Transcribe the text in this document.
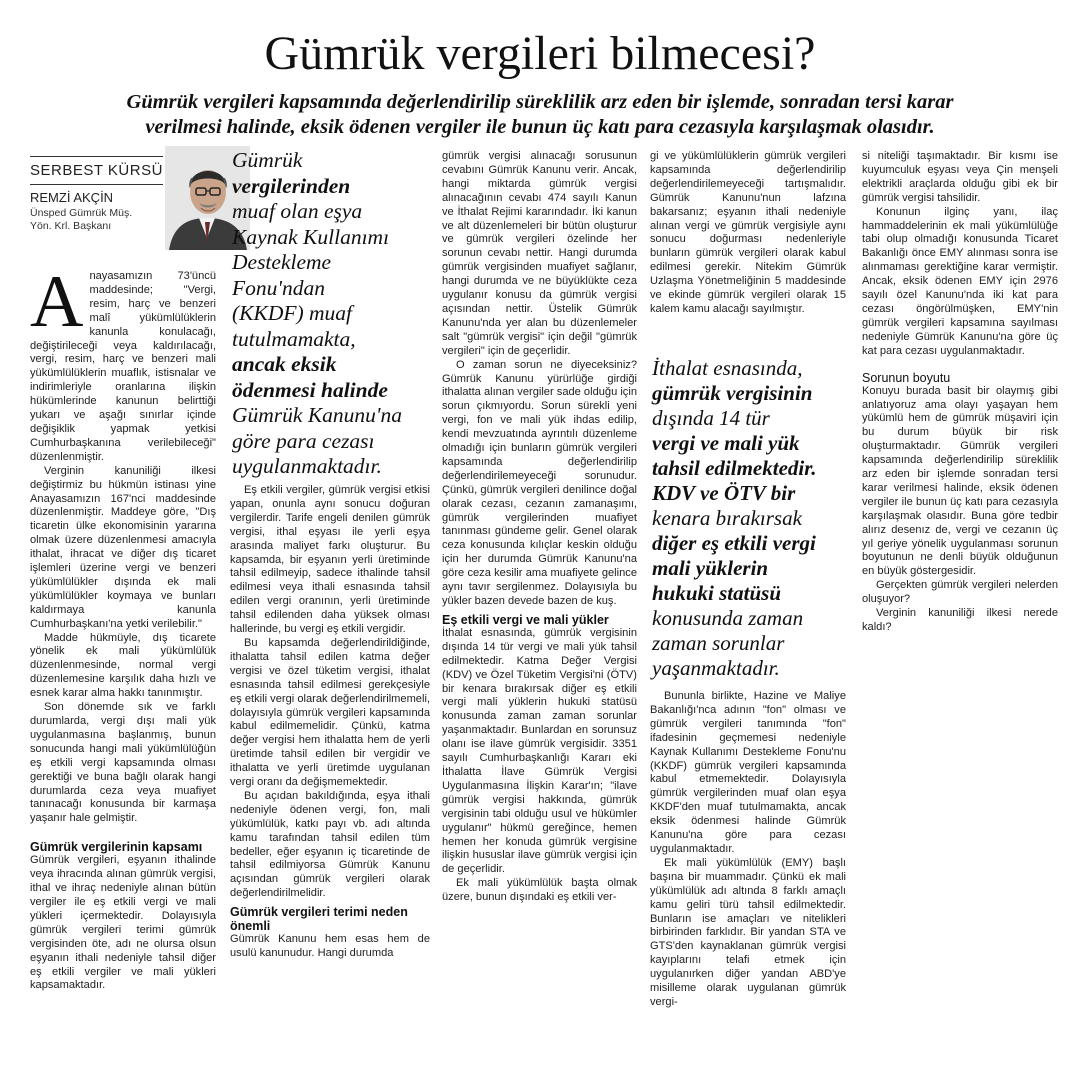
Gümrük vergileri bilmecesi?
Gümrük vergileri kapsamında değerlendirilip süreklilik arz eden bir işlemde, sonradan tersi karar
verilmesi halinde, eksik ödenen vergiler ile bunun üç katı para cezasıyla karşılaşmak olasıdır.
SERBEST KÜRSÜ
REMZİ AKÇİN
Ünsped Gümrük Müş.
Yön. Krl. Başkanı

Anayasamızın 73'üncü maddesinde; "Vergi, resim, harç ve benzeri malî yükümlülüklerin kanunla konulacağı, değiştirileceği veya kaldırılacağı, vergi, resim, harç ve benzeri mali yükümlülüklerin muaflık, istisnalar ve indirimleriyle oranlarına ilişkin hükümlerinde kanunun belirttiği yukarı ve aşağı sınırlar içinde değişiklik yapmak yetkisi Cumhurbaşkanına verilebileceği" düzenlenmiştir.

Verginin kanuniliği ilkesi değiştirmiz bu hükmün istinası yine Anayasamızın 167'nci maddesinde düzenlenmiştir. Maddeye göre, "Dış ticaretin ülke ekonomisinin yararına olmak üzere düzenlenmesi amacıyla ithalat, ihracat ve diğer dış ticaret işlemleri üzerine vergi ve benzeri yükümlülükler dışında ek mali yükümlülükler koymaya ve bunları kaldırmaya kanunla Cumhurbaşkanı'na yetki verilebilir."

Madde hükmüyle, dış ticarete yönelik ek mali yükümlülük düzenlenmesinde, normal vergi düzenlemesine karşılık daha hızlı ve esnek karar alma hakkı tanınmıştır.

Son dönemde sık ve farklı durumlarda, vergi dışı mali yük uygulanmasına başlanmış, bunun sonucunda hangi mali yükümlülüğün eş etkili vergi kapsamında olması gerektiği ve buna bağlı olarak hangi durumlarda ceza veya muafiyet tanınacağı konusunda bir karmaşa yaşanır hale gelmiştir.

Gümrük vergilerinin kapsamı

Gümrük vergileri, eşyanın ithalinde veya ihracında alınan gümrük vergisi, ithal ve ihraç nedeniyle alınan bütün vergiler ile eş etkili vergi ve mali yükleri içermektedir. Dolayısıyla gümrük vergileri terimi gümrük vergisinden öte, adı ne olursa olsun eşyanın ithali nedeniyle tahsil diğer eş etkili vergiler ve mali yükleri kapsamaktadır.

Gümrük
vergilerinden
muaf olan eşya
Kaynak Kullanımı
Destekleme
Fonu'ndan
(KKDF) muaf
tutulmamakta,
ancak eksik
ödenmesi halinde
Gümrük Kanunu'na
göre para cezası
uygulanmaktadır.

Eş etkili vergiler, gümrük vergisi etkisi yapan, onunla aynı sonucu doğuran vergilerdir. Tarife engeli denilen gümrük vergisi, ithal eşyası ile yerli eşya arasında maliyet farkı oluşturur. Bu kapsamda, bir eşyanın yerli üretiminde tahsil edilmeyip, sadece ithalinde tahsil edilmesi veya ithali esnasında tahsil edilen vergi oranının, yerli üretiminde tahsil edilenden daha yüksek olması hallerinde, bu vergi eş etkili vergidir.

Bu kapsamda değerlendirildiğinde, ithalatta tahsil edilen katma değer vergisi ve özel tüketim vergisi, ithalat esnasında tahsil edilmesi gerekçesiyle eş etkili vergi olarak değerlendirilmemeli, dolayısıyla gümrük vergileri kapsamında kabul edilmemelidir. Çünkü, katma değer vergisi hem ithalatta hem de yerli üretimde tahsil edilen bir vergidir ve ithalatta ve yerli üretimde uygulanan vergi oranı da değişmemektedir.

Bu açıdan bakıldığında, eşya ithali nedeniyle ödenen vergi, fon, mali yükümlülük, katkı payı vb. adı altında kamu tarafından tahsil edilen tüm bedeller, eğer eşyanın iç ticaretinde de tahsil edilmiyorsa Gümrük Kanunu açısından gümrük vergileri olarak değerlendirilmelidir.

Gümrük vergileri terimi neden önemli

Gümrük Kanunu hem esas hem de usulü kanunudur. Hangi durumda

gümrük vergisi alınacağı sorusunun cevabını Gümrük Kanunu verir. Ancak, hangi miktarda gümrük vergisi alınacağının cevabı 474 sayılı Kanun ve İthalat Rejimi kararındadır. İki kanun ve alt düzenlemeleri bir bütün oluşturur ve gümrük vergileri özelinde her sorunun cevabı nettir. Hangi durumda gümrük vergisinden muafiyet sağlanır, hangi durumda ve ne büyüklükte ceza uygulanır konusu da gümrük vergisi açısından nettir. Üstelik Gümrük Kanunu'nda yer alan bu düzenlemeler salt "gümrük vergisi" için değil "gümrük vergileri" için de geçerlidir.

O zaman sorun ne diyeceksiniz? Gümrük Kanunu yürürlüğe girdiği ithalatta alınan vergiler sade olduğu için sorun çıkmıyordu. Sorun sürekli yeni vergi, fon ve mali yük ihdas edilip, kendi mevzuatında ayrıntılı düzenleme olmadığı için bunların gümrük vergileri kapsamında değerlendirilip değerlendirilemeyeceği sorunudur. Çünkü, gümrük vergileri denilince doğal olarak cezası, cezanın zamanaşımı, gümrük vergilerinden muafiyet tanınması gündeme gelir. Genel olarak ceza konusunda kılıçlar keskin olduğu için her durumda Gümrük Kanunu'na göre ceza kesilir ama muafiyete gelince aynı tavır sergilenmez. Dolayısıyla bu yükler bazen devede bazen de kuş.

Eş etkili vergi ve mali yükler

İthalat esnasında, gümrük vergisinin dışında 14 tür vergi ve mali yük tahsil edilmektedir. Katma Değer Vergisi (KDV) ve Özel Tüketim Vergisi'ni (ÖTV) bir kenara bırakırsak diğer eş etkili vergi mali yüklerin hukuki statüsü konusunda zaman zaman sorunlar yaşanmaktadır. Bunlardan en sorunsuz olanı ise ilave gümrük vergisidir. 3351 sayılı Cumhurbaşkanlığı Kararı eki İthalatta İlave Gümrük Vergisi Uygulanmasına İlişkin Karar'ın; "ilave gümrük vergisi hakkında, gümrük vergisinin tabi olduğu usul ve hükümler uygulanır" hükmü gereğince, hemen hemen her konuda gümrük vergisine ilişkin hususlar ilave gümrük vergisi için de geçerlidir.

Ek mali yükümlülük başta olmak üzere, bunun dışındaki eş etkili ver-

gi ve yükümlülüklerin gümrük vergileri kapsamında değerlendirilip değerlendirilemeyeceği tartışmalıdır. Gümrük Kanunu'nun lafzına bakarsanız; eşyanın ithali nedeniyle alınan vergi ve gümrük vergisiyle aynı sonucu doğurması nedenleriyle bunların gümrük vergileri olarak kabul edilmesi gerekir. Nitekim Gümrük Uzlaşma Yönetmeliğinin 5 maddesinde ve ekinde gümrük vergileri olarak 15 kalem kamu alacağı sayılmıştır.

İthalat esnasında,
gümrük vergisinin
dışında 14 tür
vergi ve mali yük
tahsil edilmektedir.
KDV ve ÖTV bir
kenara bırakırsak
diğer eş etkili vergi
mali yüklerin
hukuki statüsü
konusunda zaman
zaman sorunlar
yaşanmaktadır.

Bununla birlikte, Hazine ve Maliye Bakanlığı'nca adının "fon" olması ve gümrük vergileri tanımında "fon" ifadesinin geçmemesi nedeniyle Kaynak Kullanımı Destekleme Fonu'nu (KKDF) gümrük vergileri kapsamında kabul etmemektedir. Dolayısıyla gümrük vergilerinden muaf olan eşya KKDF'den muaf tutulmamakta, ancak eksik ödenmesi halinde Gümrük Kanunu'na göre para cezası uygulanmaktadır.

Ek mali yükümlülük (EMY) başlı başına bir muammadır. Çünkü ek mali yükümlülük adı altında 8 farklı amaçlı kamu geliri türü tahsil edilmektedir. Bunların ise amaçları ve nitelikleri birbirinden farklıdır. Bir yandan STA ve GTS'den kaynaklanan gümrük vergisi kayıplarını telafi etmek için uygulanırken diğer yandan ABD'ye misilleme olarak uygulanan gümrük vergi-

si niteliği taşımaktadır. Bir kısmı ise kuyumculuk eşyası veya Çin menşeli elektrikli araçlarda olduğu gibi ek bir gümrük vergisi tahsilidir.

Konunun ilginç yanı, ilaç hammaddelerinin ek mali yükümlülüğe tabi olup olmadığı konusunda Ticaret Bakanlığı önce EMY alınması sonra ise alınmaması gerektiğine karar vermiştir. Ancak, eksik ödenen EMY için 2976 sayılı özel Kanunu'nda iki kat para cezası öngörülmüşken, EMY'nin gümrük vergileri kapsamına sayılması nedeniyle Gümrük Kanunu'na göre üç kat para cezası uygulanmaktadır.

Sorunun boyutu

Konuyu burada basit bir olaymış gibi anlatıyoruz ama olayı yaşayan hem yükümlü hem de gümrük müşaviri için bu durum büyük bir risk oluşturmaktadır. Gümrük vergileri kapsamında değerlendirilip süreklilik arz eden bir işlemde sonradan tersi karar verilmesi halinde, eksik ödenen vergiler ile bunun üç katı para cezasıyla karşılaşmak olasıdır. Buna göre tedbir alırız desenız de, vergi ve cezanın üç yıl geriye yönelik uygulanması sorunun boyutunun ne denli büyük olduğunun en büyük göstergesidir.

Gerçekten gümrük vergileri nelerden oluşuyor?

Verginin kanuniliği ilkesi nerede kaldı?
